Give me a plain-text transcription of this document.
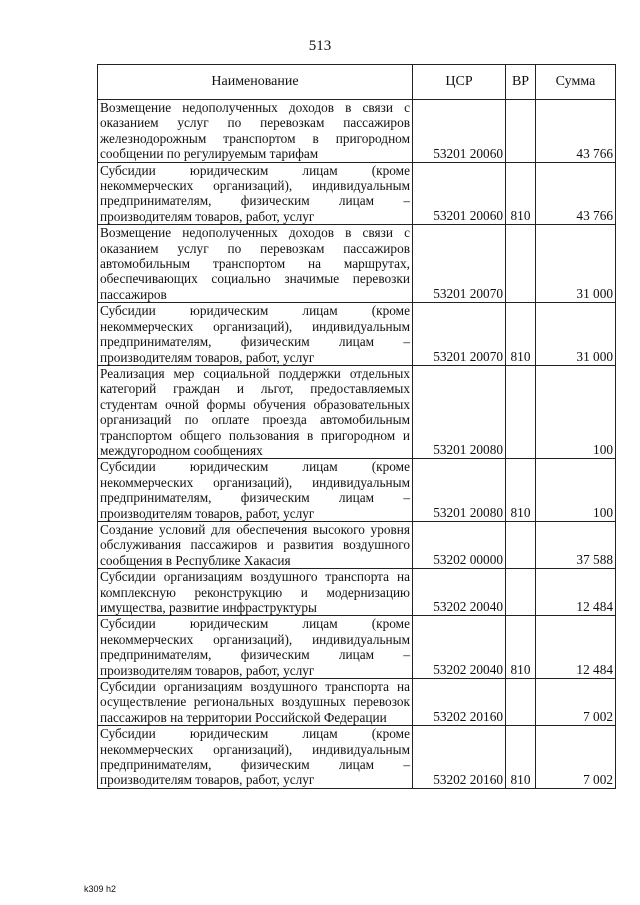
513
Наименование	ЦСР	ВР	Сумма
Возмещение недополученных доходов в связи с оказанием услуг по перевозкам пассажиров железнодорожным транспортом в пригородном сообщении по регулируемым тарифам	53201 20060		43 766
Субсидии юридическим лицам (кроме некоммерческих организаций), индивидуальным предпринимателям, физическим лицам – производителям товаров, работ, услуг	53201 20060	810	43 766
Возмещение недополученных доходов в связи с оказанием услуг по перевозкам пассажиров автомобильным транспортом на маршрутах, обеспечивающих социально значимые перевозки пассажиров	53201 20070		31 000
Субсидии юридическим лицам (кроме некоммерческих организаций), индивидуальным предпринимателям, физическим лицам – производителям товаров, работ, услуг	53201 20070	810	31 000
Реализация мер социальной поддержки отдельных категорий граждан и льгот, предоставляемых студентам очной формы обучения образовательных организаций по оплате проезда автомобильным транспортом общего пользования в пригородном и междугородном сообщениях	53201 20080		100
Субсидии юридическим лицам (кроме некоммерческих организаций), индивидуальным предпринимателям, физическим лицам – производителям товаров, работ, услуг	53201 20080	810	100
Создание условий для обеспечения высокого уровня обслуживания пассажиров и развития воздушного сообщения в Республике Хакасия	53202 00000		37 588
Субсидии организациям воздушного транспорта на комплексную реконструкцию и модернизацию имущества, развитие инфраструктуры	53202 20040		12 484
Субсидии юридическим лицам (кроме некоммерческих организаций), индивидуальным предпринимателям, физическим лицам – производителям товаров, работ, услуг	53202 20040	810	12 484
Субсидии организациям воздушного транспорта на осуществление региональных воздушных перевозок пассажиров на территории Российской Федерации	53202 20160		7 002
Субсидии юридическим лицам (кроме некоммерческих организаций), индивидуальным предпринимателям, физическим лицам – производителям товаров, работ, услуг	53202 20160	810	7 002
k309 h2
